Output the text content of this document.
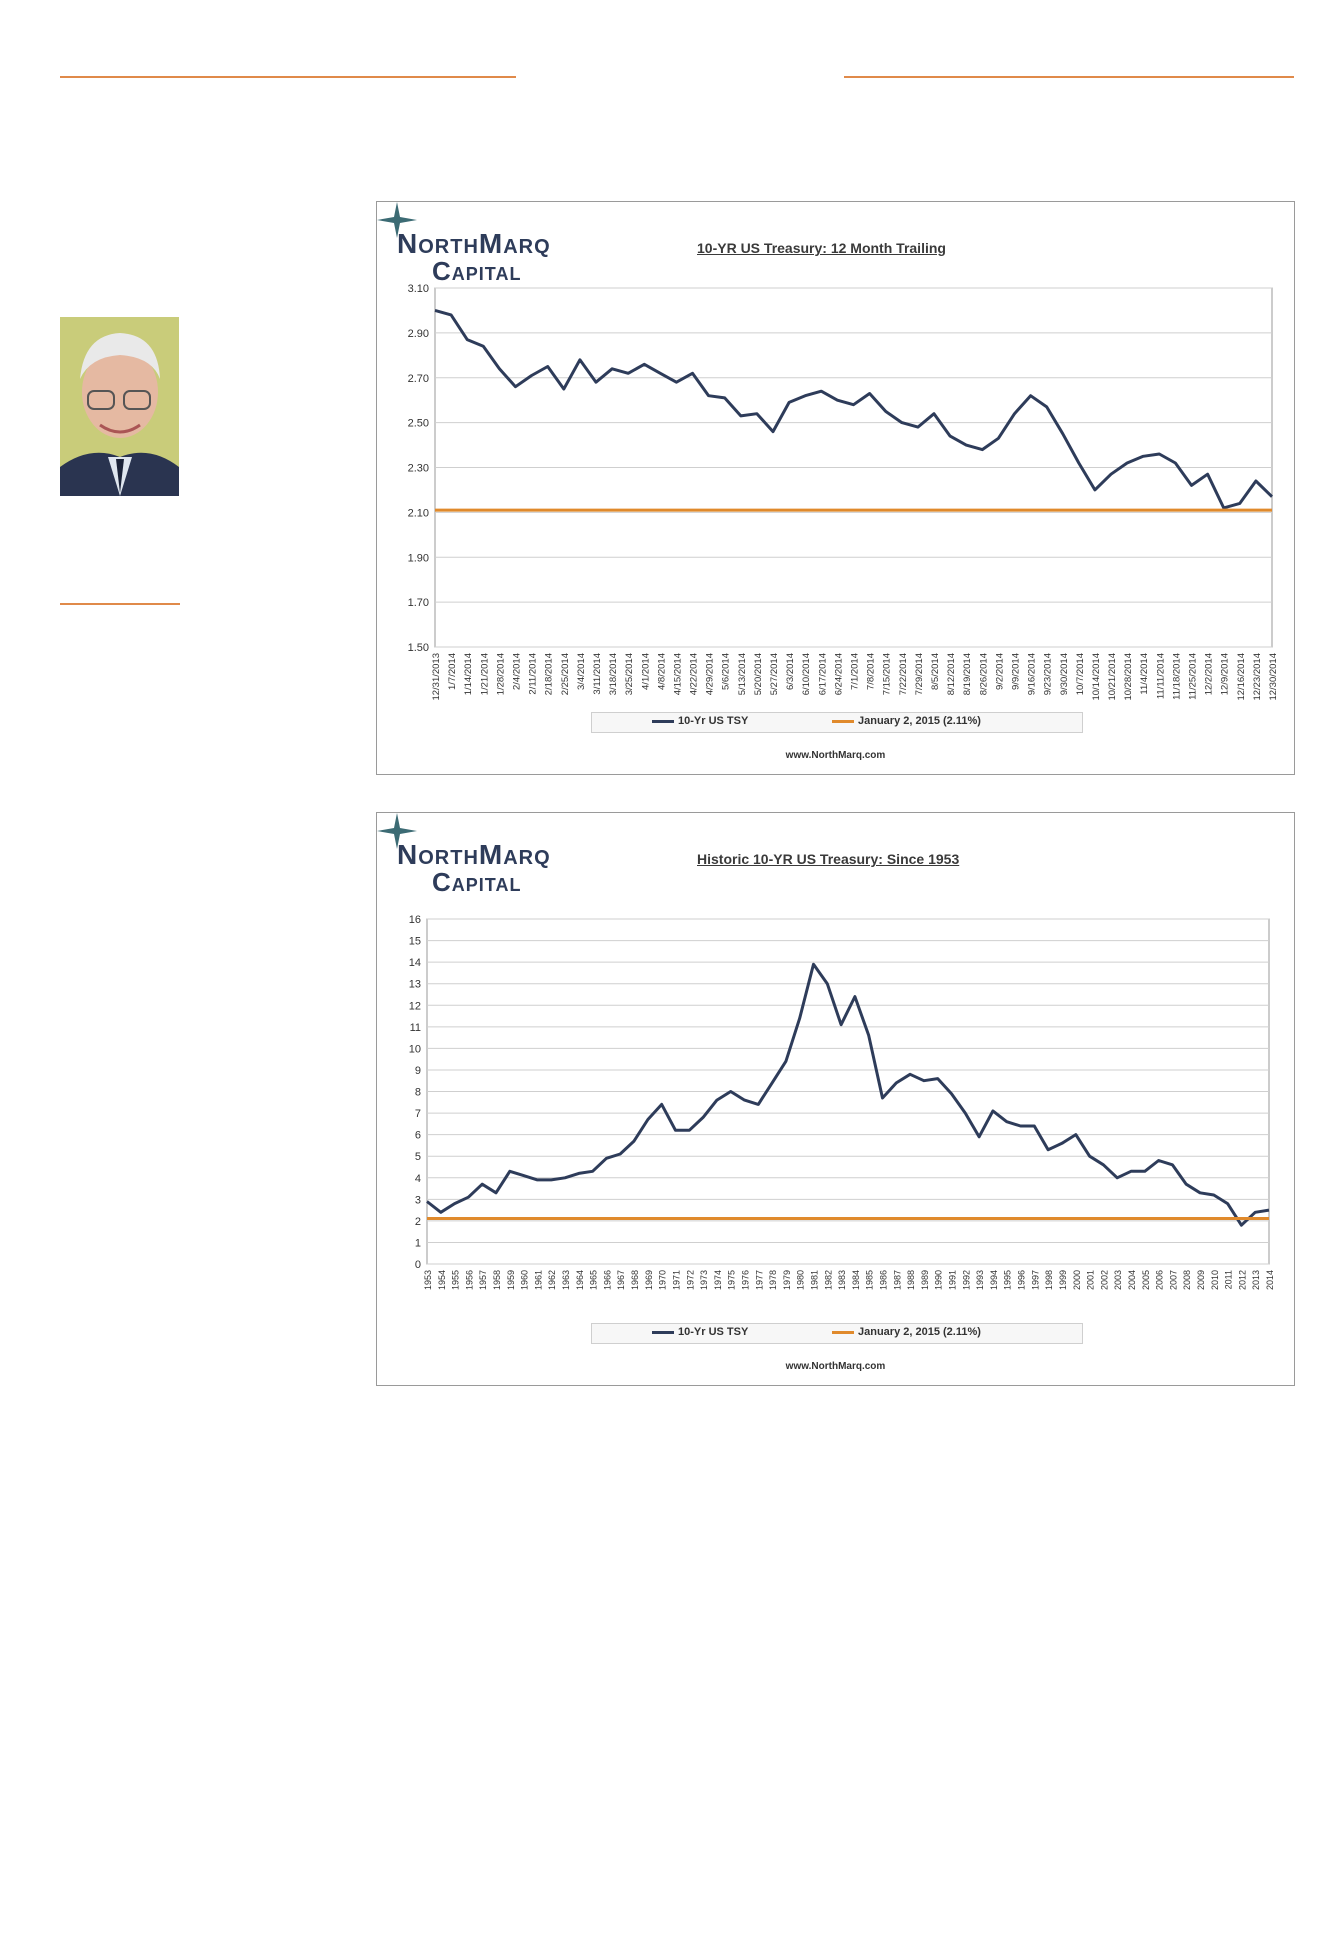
NorthMarq
Capital
10-YR US Treasury: 12 Month Trailing
3.10
2.90
2.70
2.50
2.30
2.10
1.90
1.70
1.50
12/31/2013 1/7/2014 1/14/2014 1/21/2014 1/28/2014 2/4/2014 2/11/2014 2/18/2014 2/25/2014 3/4/2014 3/11/2014 3/18/2014 3/25/2014 4/1/2014 4/8/2014 4/15/2014 4/22/2014 4/29/2014 5/6/2014 5/13/2014 5/20/2014 5/27/2014 6/3/2014 6/10/2014 6/17/2014 6/24/2014 7/1/2014 7/8/2014 7/15/2014 7/22/2014 7/29/2014 8/5/2014 8/12/2014 8/19/2014 8/26/2014 9/2/2014 9/9/2014 9/16/2014 9/23/2014 9/30/2014 10/7/2014 10/14/2014 10/21/2014 10/28/2014 11/4/2014 11/11/2014 11/18/2014 11/25/2014 12/2/2014 12/9/2014 12/16/2014 12/23/2014 12/30/2014
10-Yr US TSY	January 2, 2015 (2.11%)
www.NorthMarq.com
NorthMarq
Capital
Historic 10-YR US Treasury: Since 1953
16
15
14
13
12
11
10
9
8
7
6
5
4
3
2
1
0
1953 1954 1955 1956 1957 1958 1959 1960 1961 1962 1963 1964 1965 1966 1967 1968 1969 1970 1971 1972 1973 1974 1975 1976 1977 1978 1979 1980 1981 1982 1983 1984 1985 1986 1987 1988 1989 1990 1991 1992 1993 1994 1995 1996 1997 1998 1999 2000 2001 2002 2003 2004 2005 2006 2007 2008 2009 2010 2011 2012 2013 2014
10-Yr US TSY	January 2, 2015 (2.11%)
www.NorthMarq.com
